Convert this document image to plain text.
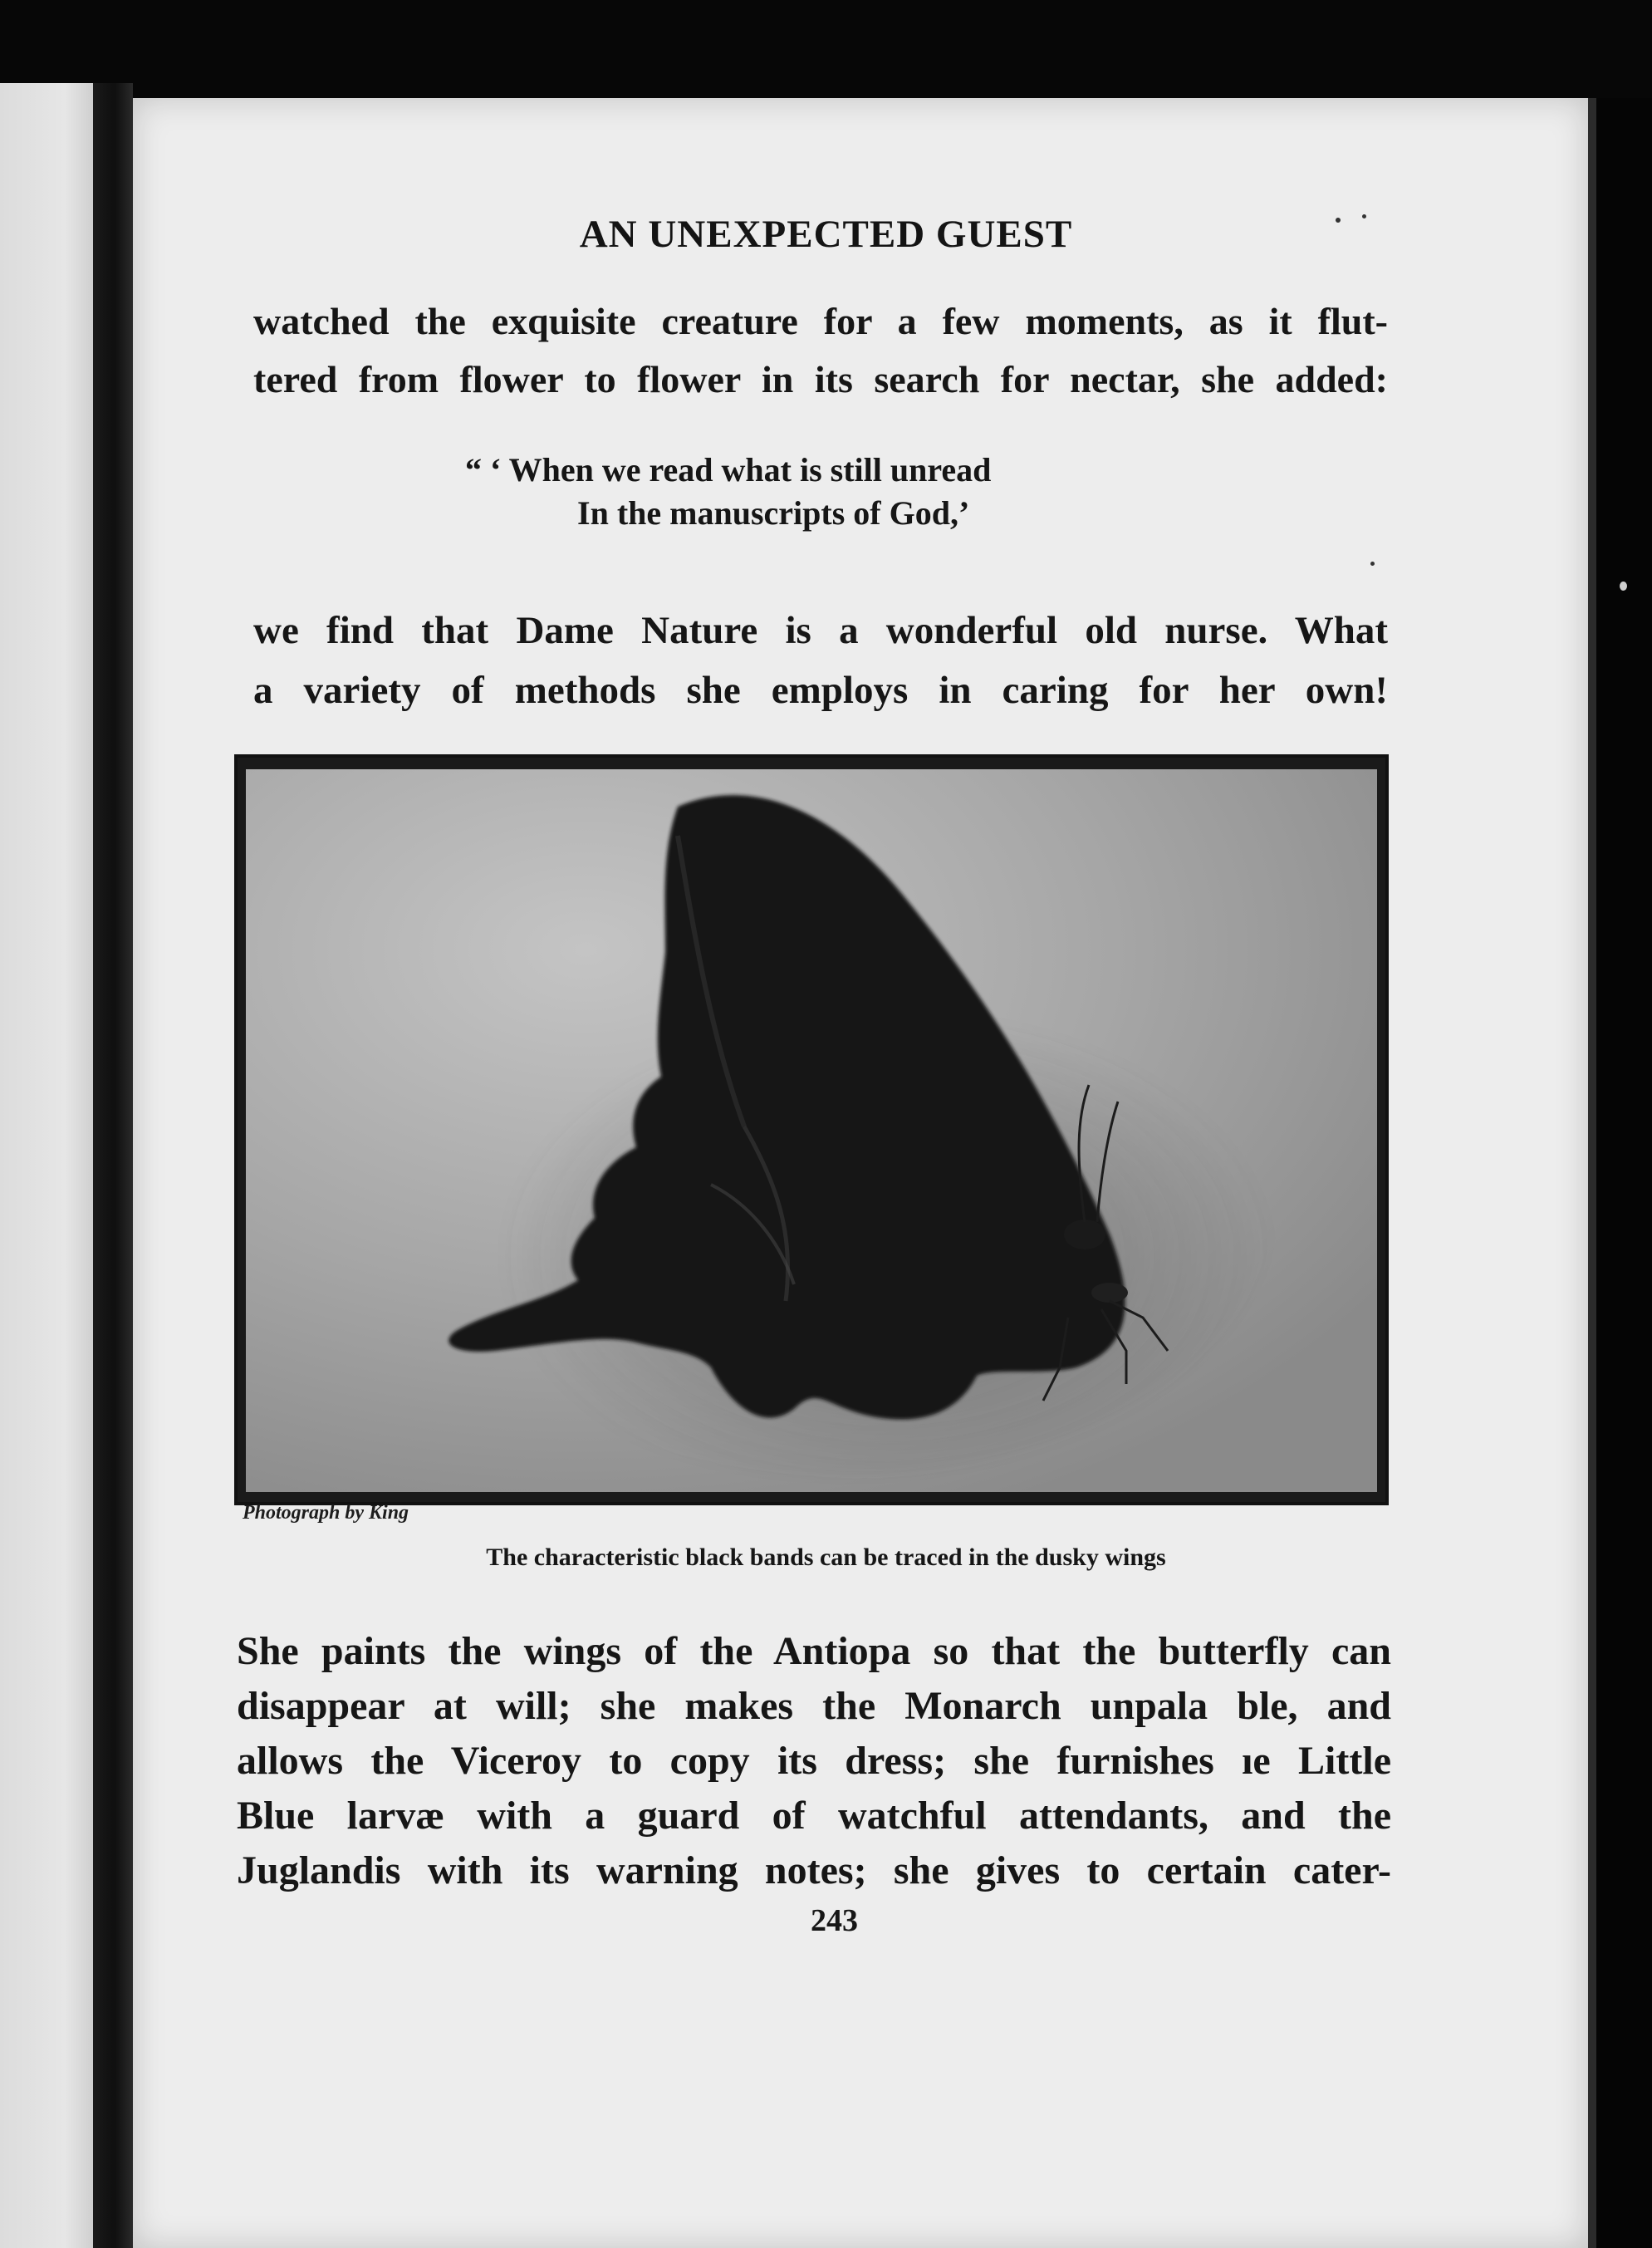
AN UNEXPECTED GUEST
watched the exquisite creature for a few moments, as it flut-
tered from flower to flower in its search for nectar, she added:
“ ‘ When we read what is still unread
In the manuscripts of God,’
we find that Dame Nature is a wonderful old nurse. What
a variety of methods she employs in caring for her own!
Photograph by King
The characteristic black bands can be traced in the dusky wings
She paints the wings of the Antiopa so that the butterfly can
disappear at will; she makes the Monarch unpala ble, and
allows the Viceroy to copy its dress; she furnishes ıe Little
Blue larvæ with a guard of watchful attendants, and the
Juglandis with its warning notes; she gives to certain cater-
243
